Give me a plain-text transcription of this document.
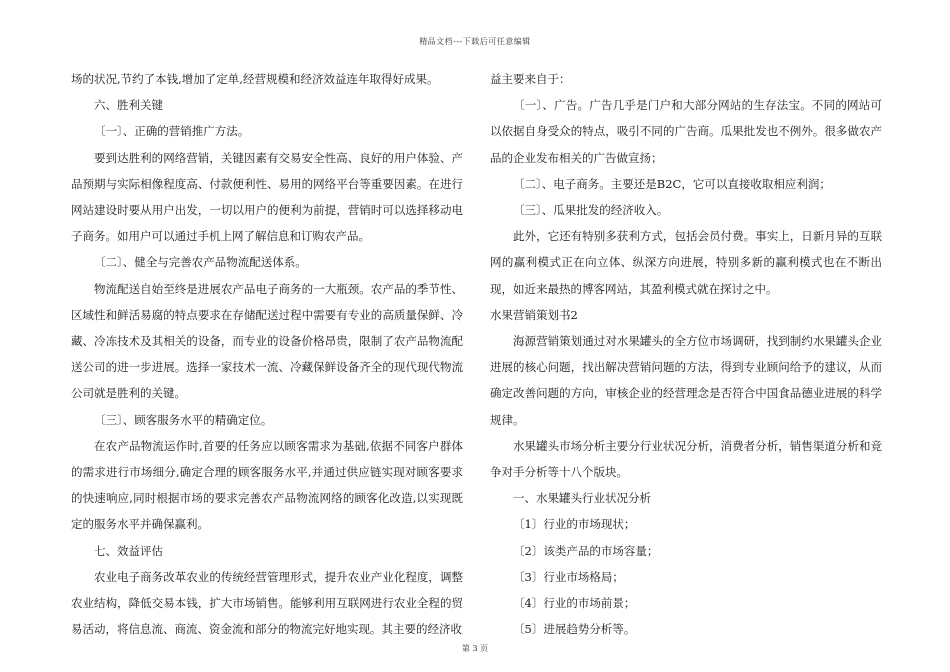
精品文档---下载后可任意编辑

场的状况,节约了本钱,增加了定单,经营规模和经济效益连年取得好成果。

六、胜利关键

〔一〕、正确的营销推广方法。

要到达胜利的网络营销，关键因素有交易安全性高、良好的用户体验、产品预期与实际相像程度高、付款便利性、易用的网络平台等重要因素。在进行网站建设时要从用户出发，一切以用户的便利为前提，营销时可以选择移动电子商务。如用户可以通过手机上网了解信息和订购农产品。

〔二〕、健全与完善农产品物流配送体系。

物流配送自始至终是进展农产品电子商务的一大瓶颈。农产品的季节性、区域性和鲜活易腐的特点要求在存储配送过程中需要有专业的高质量保鲜、冷藏、冷冻技术及其相关的设备，而专业的设备价格昂贵，限制了农产品物流配送公司的进一步进展。选择一家技术一流、冷藏保鲜设备齐全的现代现代物流公司就是胜利的关键。

〔三〕、顾客服务水平的精确定位。

在农产品物流运作时,首要的任务应以顾客需求为基础,依据不同客户群体的需求进行市场细分,确定合理的顾客服务水平,并通过供应链实现对顾客要求的快速响应,同时根据市场的要求完善农产品物流网络的顾客化改造,以实现既定的服务水平并确保赢利。

七、效益评估

农业电子商务改革农业的传统经营管理形式，提升农业产业化程度，调整农业结构，降低交易本钱，扩大市场销售。能够利用互联网进行农业全程的贸易活动，将信息流、商流、资金流和部分的物流完好地实现。其主要的经济收

益主要来自于：

〔一〕、广告。广告几乎是门户和大部分网站的生存法宝。不同的网站可以依据自身受众的特点，吸引不同的广告商。瓜果批发也不例外。很多做农产品的企业发布相关的广告做宣扬；

〔二〕、电子商务。主要还是B2C，它可以直接收取相应利润；

〔三〕、瓜果批发的经济收入。

此外，它还有特别多获利方式，包括会员付费。事实上，日新月异的互联网的赢利模式正在向立体、纵深方向进展，特别多新的赢利模式也在不断出现，如近来最热的博客网站，其盈利模式就在探讨之中。

水果营销策划书2

海源营销策划通过对水果罐头的全方位市场调研，找到制约水果罐头企业进展的核心问题，找出解决营销问题的方法，得到专业顾问给予的建议，从而确定改善问题的方向，审核企业的经营理念是否符合中国食品德业进展的科学规律。

水果罐头市场分析主要分行业状况分析，消费者分析，销售渠道分析和竞争对手分析等十八个版块。

一、水果罐头行业状况分析

〔1〕行业的市场现状；

〔2〕该类产品的市场容量；

〔3〕行业市场格局；

〔4〕行业的市场前景；

〔5〕进展趋势分析等。

第 3 页
